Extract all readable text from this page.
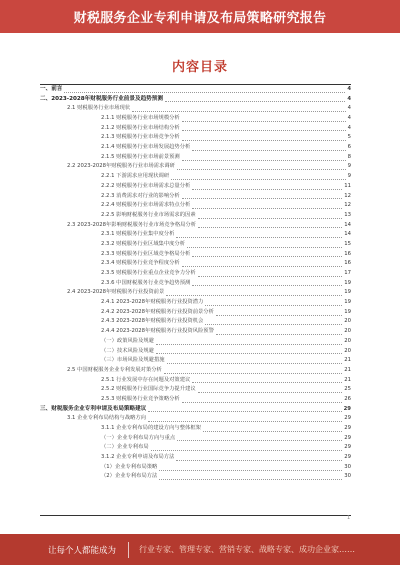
财税服务企业专利申请及布局策略研究报告
内容目录
一、前言	4
二、2023-2028年财税服务行业前景及趋势预测	4
2.1 财税服务行业市场现状	4
2.1.1 财税服务行业市场规模分析	4
2.1.2 财税服务行业市场结构分析	4
2.1.3 财税服务行业市场竞争分析	5
2.1.4 财税服务行业市场发展趋势分析	6
2.1.5 财税服务行业市场前景预测	8
2.2 2023-2028年财税服务行业市场需求调研	9
2.2.1 下游需求应用现状调研	9
2.2.2 财税服务行业市场需求总量分析	11
2.2.3 消费需求对行业的影响分析	12
2.2.4 财税服务行业市场需求特点分析	12
2.2.5 影响财税服务行业市场需求的因素	13
2.3 2023-2028年影响财税服务行业市场竞争格局分析	14
2.3.1 财税服务行业集中度分析	14
2.3.2 财税服务行业区域集中度分析	15
2.3.3 财税服务行业区域竞争格局分析	16
2.3.4 财税服务行业竞争程度分析	16
2.3.5 财税服务行业重点企业竞争力分析	17
2.3.6 中国财税服务行业竞争趋势预测	19
2.4 2023-2028年财税服务行业投资前景	19
2.4.1 2023-2028年财税服务行业投资潜力	19
2.4.2 2023-2028年财税服务行业投资前景分析	19
2.4.3 2023-2028年财税服务行业投资机会	20
2.4.4 2023-2028年财税服务行业投资风险预警	20
（一）政策风险及规避	20
（二）技术风险及规避	20
（三）市场风险及规避措施	21
2.5 中国财税服务企业专利发展对策分析	21
2.5.1 行业发展中存在问题及对策建议	21
2.5.2 财税服务行业国际竞争力提升建议	25
2.5.3 财税服务行业竞争策略分析	26
三、财税服务企业专利申请及布局策略建议	29
3.1 企业专利布局结构与战略方向	29
3.1.1 企业专利布局的建设方向与整体框架	29
（一）企业专利布局方向与重点	29
（二）企业专利布局	29
3.1.2 企业专利申请及布局方法	29
（1）企业专利布局策略	30
（2）企业专利布局方法	30
1
让每个人都能成为	行业专家、管理专家、营销专家、战略专家、成功企业家……
